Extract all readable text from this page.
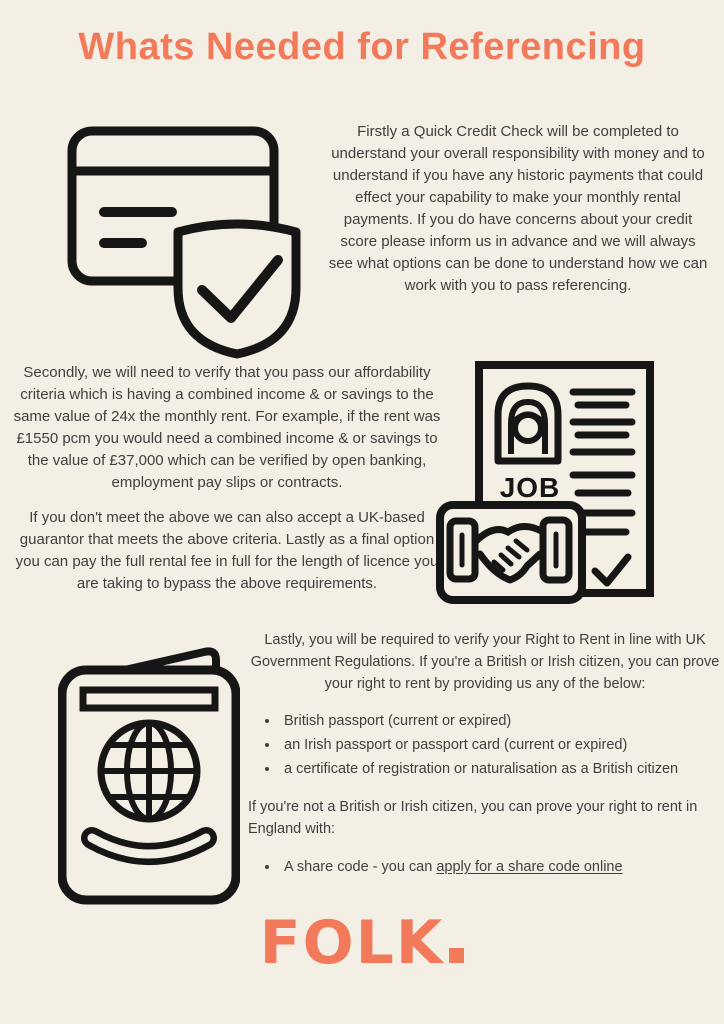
Whats Needed for Referencing
Firstly a Quick Credit Check will be completed to understand your overall responsibility with money and to understand if you have any historic payments that could effect your capability to make your monthly rental payments. If you do have concerns about your credit score please inform us in advance and we will always see what options can be done to understand how we can work with you to pass referencing.
Secondly, we will need to verify that you pass our affordability criteria which is having a combined income & or savings to the same value of 24x the monthly rent. For example, if the rent was £1550 pcm you would need a combined income & or savings to the value of £37,000 which can be verified by open banking, employment pay slips or contracts.
If you don't meet the above we can also accept a UK-based guarantor that meets the above criteria. Lastly as a final option you can pay the full rental fee in full for the length of licence you are taking to bypass the above requirements.
JOB
Lastly, you will be required to verify your Right to Rent in line with UK Government Regulations. If you're a British or Irish citizen, you can prove your right to rent by providing us any of the below:
• British passport (current or expired)
• an Irish passport or passport card (current or expired)
• a certificate of registration or naturalisation as a British citizen
If you're not a British or Irish citizen, you can prove your right to rent in England with:
• A share code - you can apply for a share code online
FOLK
